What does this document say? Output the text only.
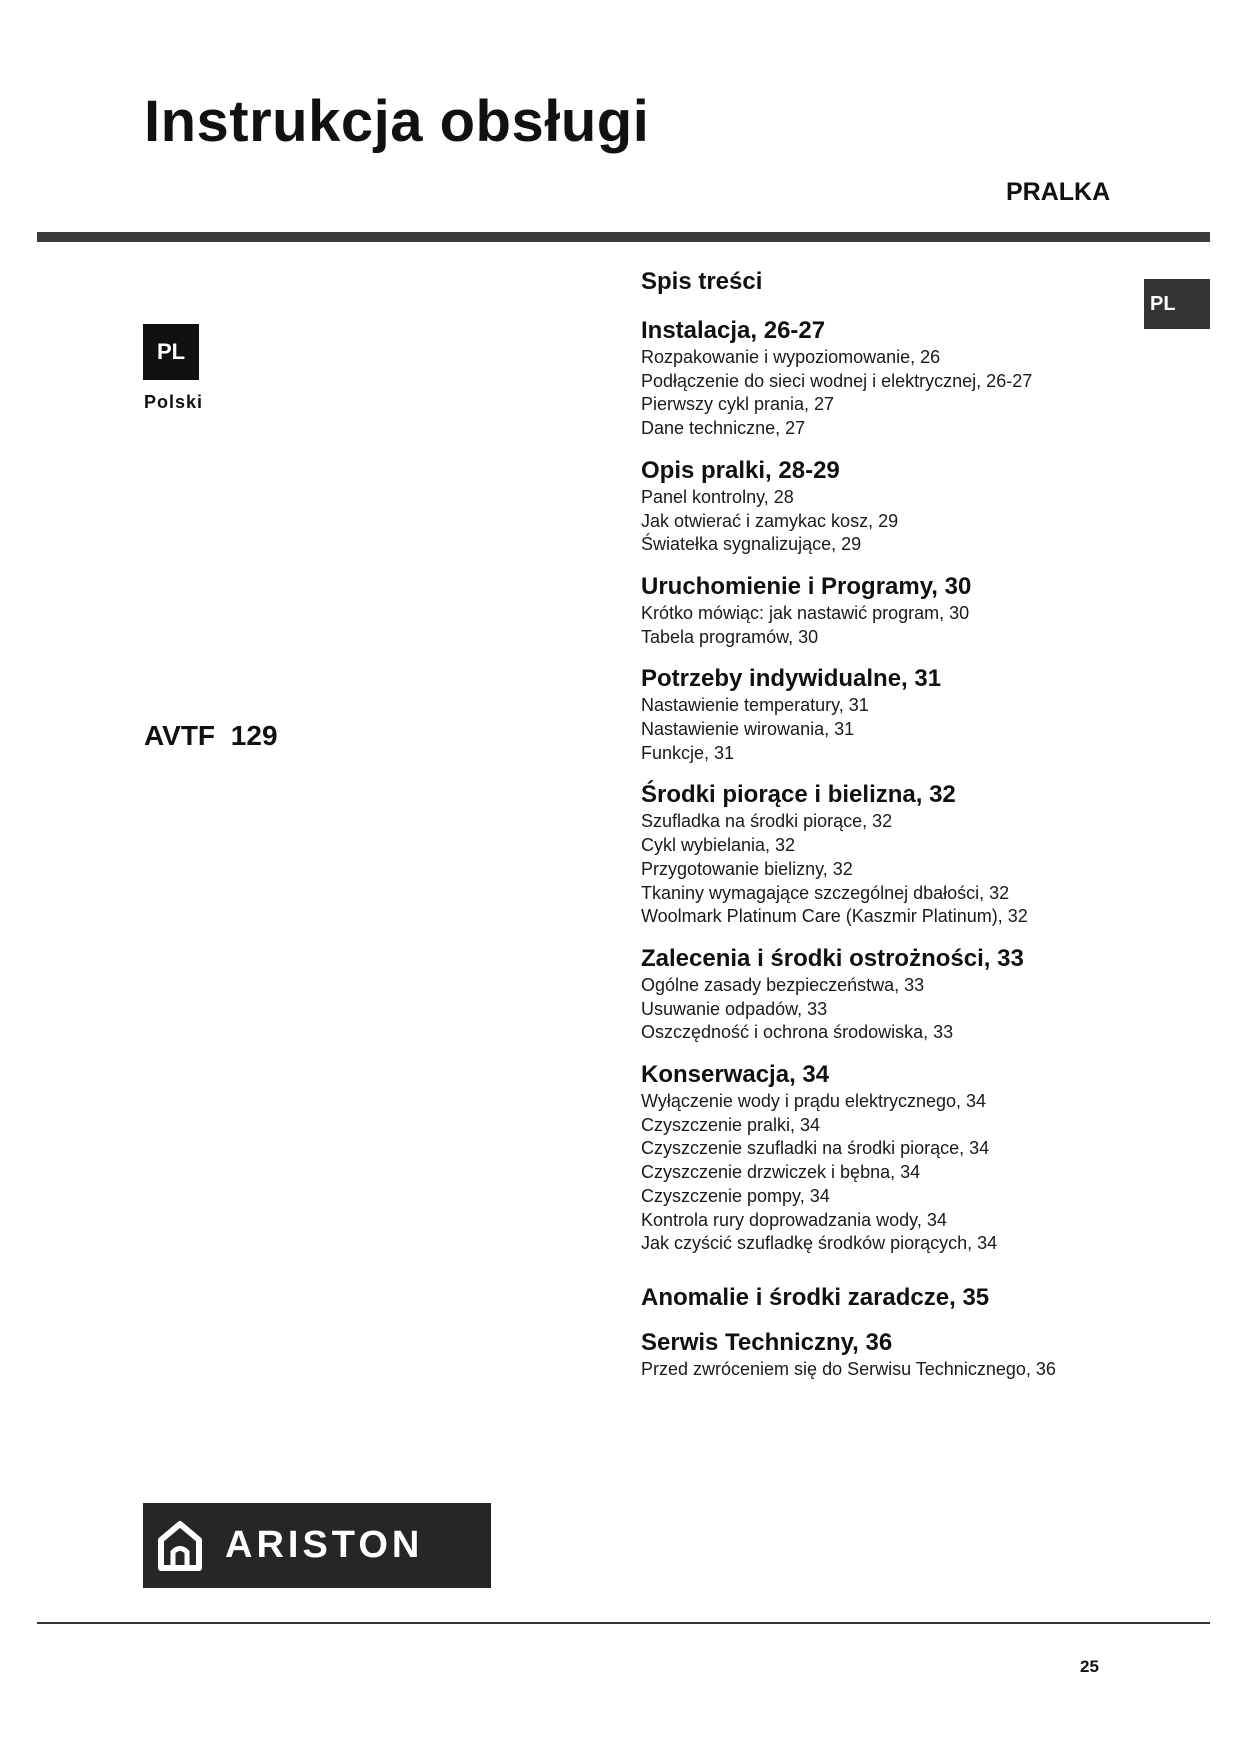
Instrukcja obsługi
PRALKA
PL
Polski
PL
AVTF 129
Spis treści
Instalacja, 26-27
Rozpakowanie i wypoziomowanie, 26
Podłączenie do sieci wodnej i elektrycznej, 26-27
Pierwszy cykl prania, 27
Dane techniczne, 27
Opis pralki, 28-29
Panel kontrolny, 28
Jak otwierać i zamykac kosz, 29
Światełka sygnalizujące, 29
Uruchomienie i Programy, 30
Krótko mówiąc: jak nastawić program, 30
Tabela programów, 30
Potrzeby indywidualne, 31
Nastawienie temperatury, 31
Nastawienie wirowania, 31
Funkcje, 31
Środki piorące i bielizna, 32
Szufladka na środki piorące, 32
Cykl wybielania, 32
Przygotowanie bielizny, 32
Tkaniny wymagające szczególnej dbałości, 32
Woolmark Platinum Care (Kaszmir Platinum), 32
Zalecenia i środki ostrożności, 33
Ogólne zasady bezpieczeństwa, 33
Usuwanie odpadów, 33
Oszczędność i ochrona środowiska, 33
Konserwacja, 34
Wyłączenie wody i prądu elektrycznego, 34
Czyszczenie pralki, 34
Czyszczenie szufladki na środki piorące, 34
Czyszczenie drzwiczek i bębna, 34
Czyszczenie pompy, 34
Kontrola rury doprowadzania wody, 34
Jak czyścić szufladkę środków piorących, 34
Anomalie i środki zaradcze, 35
Serwis Techniczny, 36
Przed zwróceniem się do Serwisu Technicznego, 36
ARISTON
25
